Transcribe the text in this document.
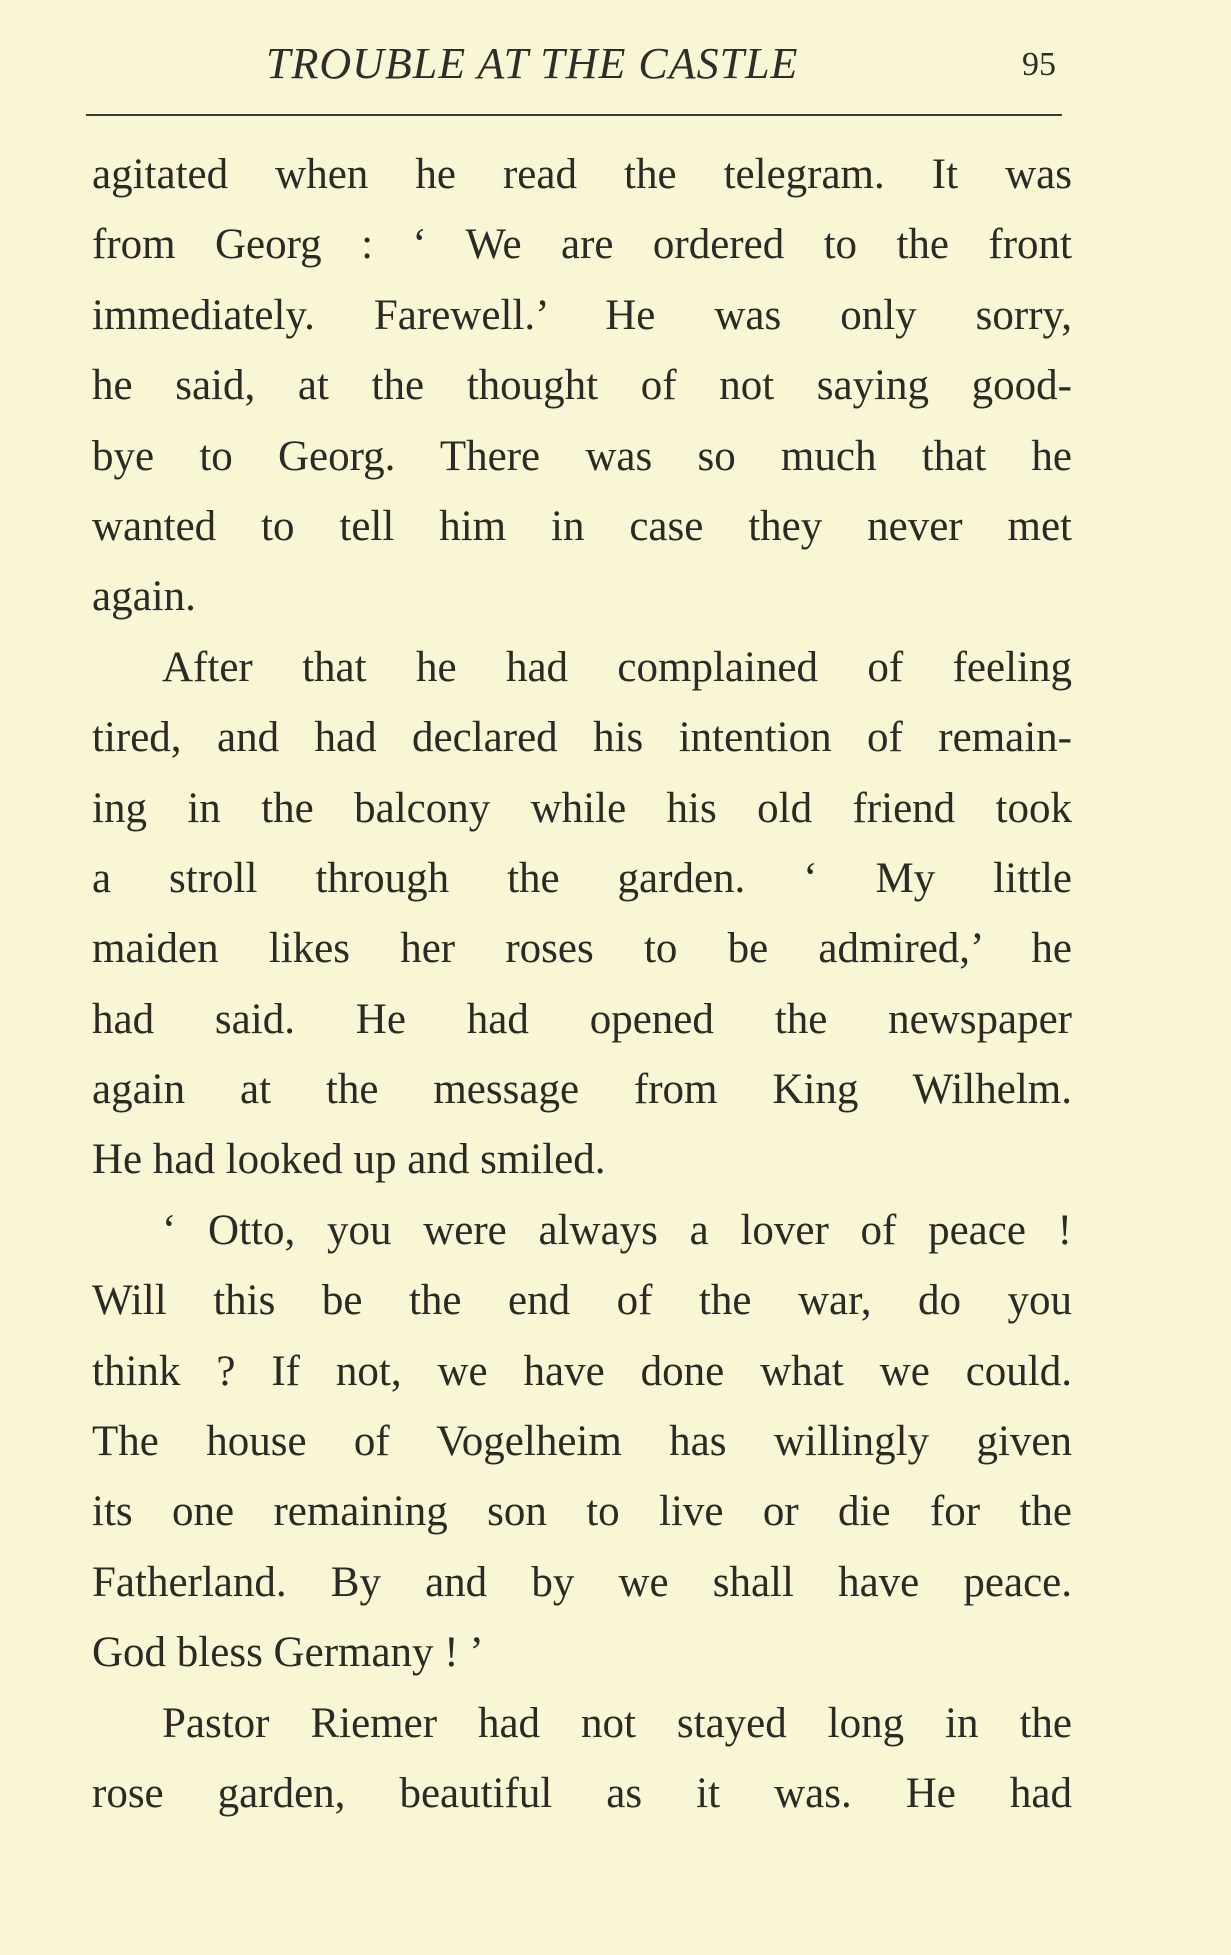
TROUBLE AT THE CASTLE	95
agitated when he read the telegram. It was
from Georg : ‘ We are ordered to the front
immediately. Farewell.’ He was only sorry,
he said, at the thought of not saying good-
bye to Georg. There was so much that he
wanted to tell him in case they never met
again.
After that he had complained of feeling
tired, and had declared his intention of remain-
ing in the balcony while his old friend took
a stroll through the garden. ‘ My little
maiden likes her roses to be admired,’ he
had said. He had opened the newspaper
again at the message from King Wilhelm.
He had looked up and smiled.
‘ Otto, you were always a lover of peace !
Will this be the end of the war, do you
think ? If not, we have done what we could.
The house of Vogelheim has willingly given
its one remaining son to live or die for the
Fatherland. By and by we shall have peace.
God bless Germany ! ’
Pastor Riemer had not stayed long in the
rose garden, beautiful as it was. He had
